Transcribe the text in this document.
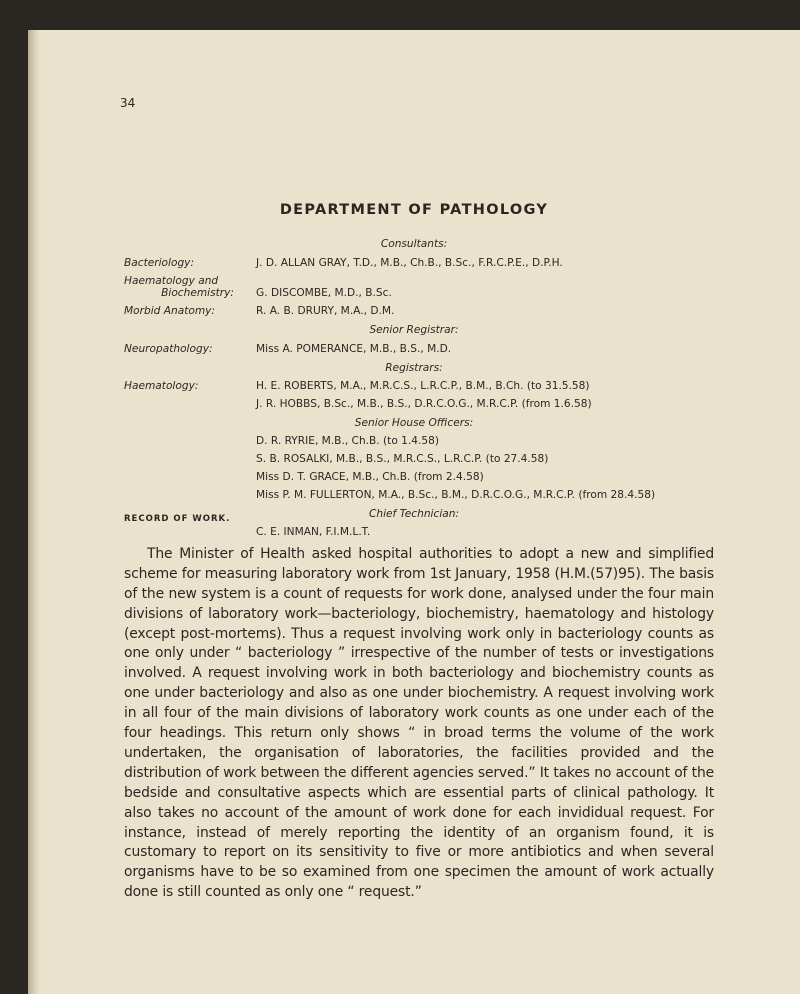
34
DEPARTMENT OF PATHOLOGY
Consultants:
Bacteriology:	J. D. ALLAN GRAY, T.D., M.B., Ch.B., B.Sc., F.R.C.P.E., D.P.H.
Haematology and
Biochemistry: G. DISCOMBE, M.D., B.Sc.
Morbid Anatomy:	R. A. B. DRURY, M.A., D.M.
Senior Registrar:
Neuropathology:	Miss A. POMERANCE, M.B., B.S., M.D.
Registrars:
Haematology:	H. E. ROBERTS, M.A., M.R.C.S., L.R.C.P., B.M., B.Ch. (to 31.5.58)
J. R. HOBBS, B.Sc., M.B., B.S., D.R.C.O.G., M.R.C.P. (from 1.6.58)
Senior House Officers:
D. R. RYRIE, M.B., Ch.B. (to 1.4.58)
S. B. ROSALKI, M.B., B.S., M.R.C.S., L.R.C.P. (to 27.4.58)
Miss D. T. GRACE, M.B., Ch.B. (from 2.4.58)
Miss P. M. FULLERTON, M.A., B.Sc., B.M., D.R.C.O.G., M.R.C.P. (from 28.4.58)
Chief Technician:
C. E. INMAN, F.I.M.L.T.
RECORD OF WORK.

The Minister of Health asked hospital authorities to adopt a new and simplified scheme for measuring laboratory work from 1st January, 1958 (H.M.(57)95). The basis of the new system is a count of requests for work done, analysed under the four main divisions of laboratory work—bacteriology, biochemistry, haematology and histology (except post-mortems). Thus a request involving work only in bacteriology counts as one only under “ bacteriology ” irrespective of the number of tests or investigations involved. A request involving work in both bacteriology and biochemistry counts as one under bacteriology and also as one under biochemistry. A request involving work in all four of the main divisions of laboratory work counts as one under each of the four headings. This return only shows “ in broad terms the volume of the work undertaken, the organisation of laboratories, the facilities provided and the distribution of work between the different agencies served.” It takes no account of the bedside and consultative aspects which are essential parts of clinical pathology. It also takes no account of the amount of work done for each invididual request. For instance, instead of merely reporting the identity of an organism found, it is customary to report on its sensitivity to five or more antibiotics and when several organisms have to be so examined from one specimen the amount of work actually done is still counted as only one “ request.”
